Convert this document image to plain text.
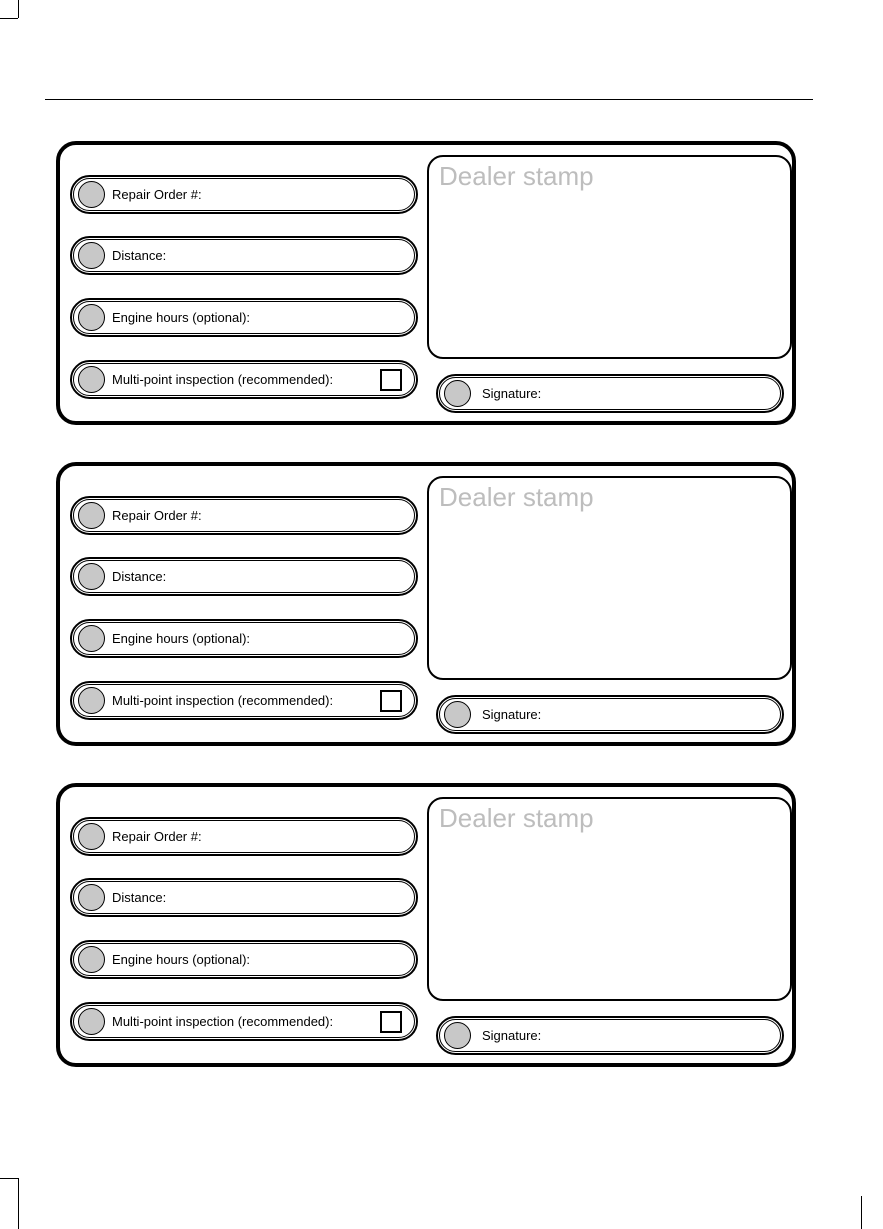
Repair Order #:
Distance:
Engine hours (optional):
Multi-point inspection (recommended):
Dealer stamp
Signature:
Repair Order #:
Distance:
Engine hours (optional):
Multi-point inspection (recommended):
Dealer stamp
Signature:
Repair Order #:
Distance:
Engine hours (optional):
Multi-point inspection (recommended):
Dealer stamp
Signature:
